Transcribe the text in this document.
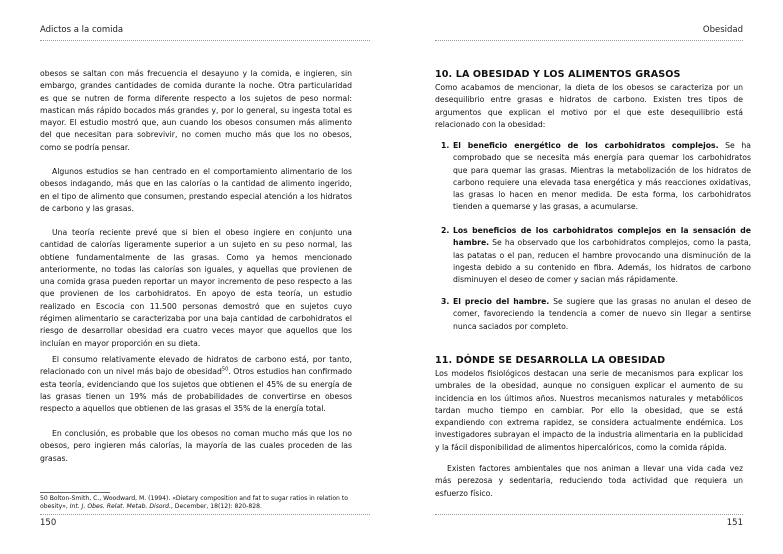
Adictos a la comida

obesos se saltan con más frecuencia el desayuno y la comida, e ingieren, sin embargo, grandes cantidades de comida durante la noche. Otra particularidad es que se nutren de forma diferente respecto a los sujetos de peso normal: mastican más rápido bocados más grandes y, por lo general, su ingesta total es mayor. El estudio mostró que, aun cuando los obesos consumen más alimento del que necesitan para sobrevivir, no comen mucho más que los no obesos, como se podría pensar.

Algunos estudios se han centrado en el comportamiento alimentario de los obesos indagando, más que en las calorías o la cantidad de alimento ingerido, en el tipo de alimento que consumen, prestando especial atención a los hidratos de carbono y las grasas.

Una teoría reciente prevé que si bien el obeso ingiere en conjunto una cantidad de calorías ligeramente superior a un sujeto en su peso normal, las obtiene fundamentalmente de las grasas. Como ya hemos mencionado anteriormente, no todas las calorías son iguales, y aquellas que provienen de una comida grasa pueden reportar un mayor incremento de peso respecto a las que provienen de los carbohidratos. En apoyo de esta teoría, un estudio realizado en Escocia con 11.500 personas demostró que en sujetos cuyo régimen alimentario se caracterizaba por una baja cantidad de carbohidratos el riesgo de desarrollar obesidad era cuatro veces mayor que aquellos que los incluían en mayor proporción en su dieta.

El consumo relativamente elevado de hidratos de carbono está, por tanto, relacionado con un nivel más bajo de obesidad$^{50}$. Otros estudios han confirmado esta teoría, evidenciando que los sujetos que obtienen el 45% de su energía de las grasas tienen un 19% más de probabilidades de convertirse en obesos respecto a aquellos que obtienen de las grasas el 35% de la energía total.

En conclusión, es probable que los obesos no coman mucho más que los no obesos, pero ingieren más calorías, la mayoría de las cuales proceden de las grasas.

50 Bolton-Smith, C., Woodward, M. (1994). «Dietary composition and fat to sugar ratios in relation to obesity», Int. J. Obes. Relat. Metab. Disord., December, 18(12): 820-828.

150
Obesidad
10. LA OBESIDAD Y LOS ALIMENTOS GRASOS

Como acabamos de mencionar, la dieta de los obesos se caracteriza por un desequilibrio entre grasas e hidratos de carbono. Existen tres tipos de argumentos que explican el motivo por el que este desequilibrio está relacionado con la obesidad:

1. El beneficio energético de los carbohidratos complejos. Se ha comprobado que se necesita más energía para quemar los carbohidratos que para quemar las grasas. Mientras la metabolización de los hidratos de carbono requiere una elevada tasa energética y más reacciones oxidativas, las grasas lo hacen en menor medida. De esta forma, los carbohidratos tienden a quemarse y las grasas, a acumularse.
2. Los beneficios de los carbohidratos complejos en la sensación de hambre. Se ha observado que los carbohidratos complejos, como la pasta, las patatas o el pan, reducen el hambre provocando una disminución de la ingesta debido a su contenido en fibra. Además, los hidratos de carbono disminuyen el deseo de comer y sacian más rápidamente.
3. El precio del hambre. Se sugiere que las grasas no anulan el deseo de comer, favoreciendo la tendencia a comer de nuevo sin llegar a sentirse nunca saciados por completo.
11. DÓNDE SE DESARROLLA LA OBESIDAD

Los modelos fisiológicos destacan una serie de mecanismos para explicar los umbrales de la obesidad, aunque no consiguen explicar el aumento de su incidencia en los últimos años. Nuestros mecanismos naturales y metabólicos tardan mucho tiempo en cambiar. Por ello la obesidad, que se está expandiendo con extrema rapidez, se considera actualmente endémica. Los investigadores subrayan el impacto de la industria alimentaria en la publicidad y la fácil disponibilidad de alimentos hipercalóricos, como la comida rápida.

Existen factores ambientales que nos animan a llevar una vida cada vez más perezosa y sedentaria, reduciendo toda actividad que requiera un esfuerzo físico.

151
